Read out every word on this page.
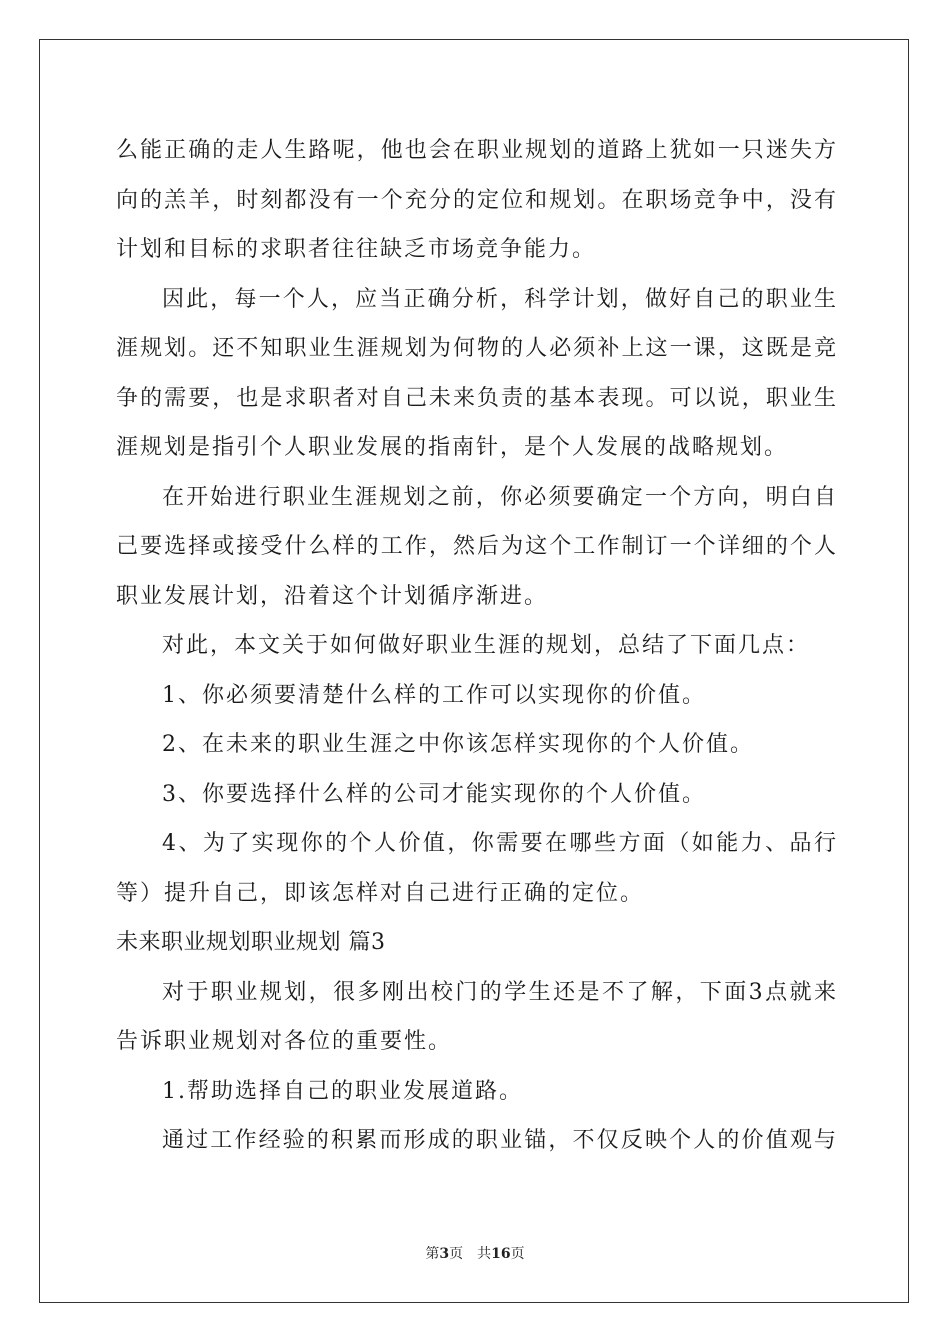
么能正确的走人生路呢，他也会在职业规划的道路上犹如一只迷失方
向的羔羊，时刻都没有一个充分的定位和规划。在职场竞争中，没有
计划和目标的求职者往往缺乏市场竞争能力。
因此，每一个人，应当正确分析，科学计划，做好自己的职业生
涯规划。还不知职业生涯规划为何物的人必须补上这一课，这既是竞
争的需要，也是求职者对自己未来负责的基本表现。可以说，职业生
涯规划是指引个人职业发展的指南针，是个人发展的战略规划。
在开始进行职业生涯规划之前，你必须要确定一个方向，明白自
己要选择或接受什么样的工作，然后为这个工作制订一个详细的个人
职业发展计划，沿着这个计划循序渐进。
对此，本文关于如何做好职业生涯的规划，总结了下面几点：
1、你必须要清楚什么样的工作可以实现你的价值。
2、在未来的职业生涯之中你该怎样实现你的个人价值。
3、你要选择什么样的公司才能实现你的个人价值。
4、为了实现你的个人价值，你需要在哪些方面（如能力、品行
等）提升自己，即该怎样对自己进行正确的定位。
未来职业规划职业规划 篇3
对于职业规划，很多刚出校门的学生还是不了解，下面3点就来
告诉职业规划对各位的重要性。
1.帮助选择自己的职业发展道路。
通过工作经验的积累而形成的职业锚，不仅反映个人的价值观与
第3页　共16页
